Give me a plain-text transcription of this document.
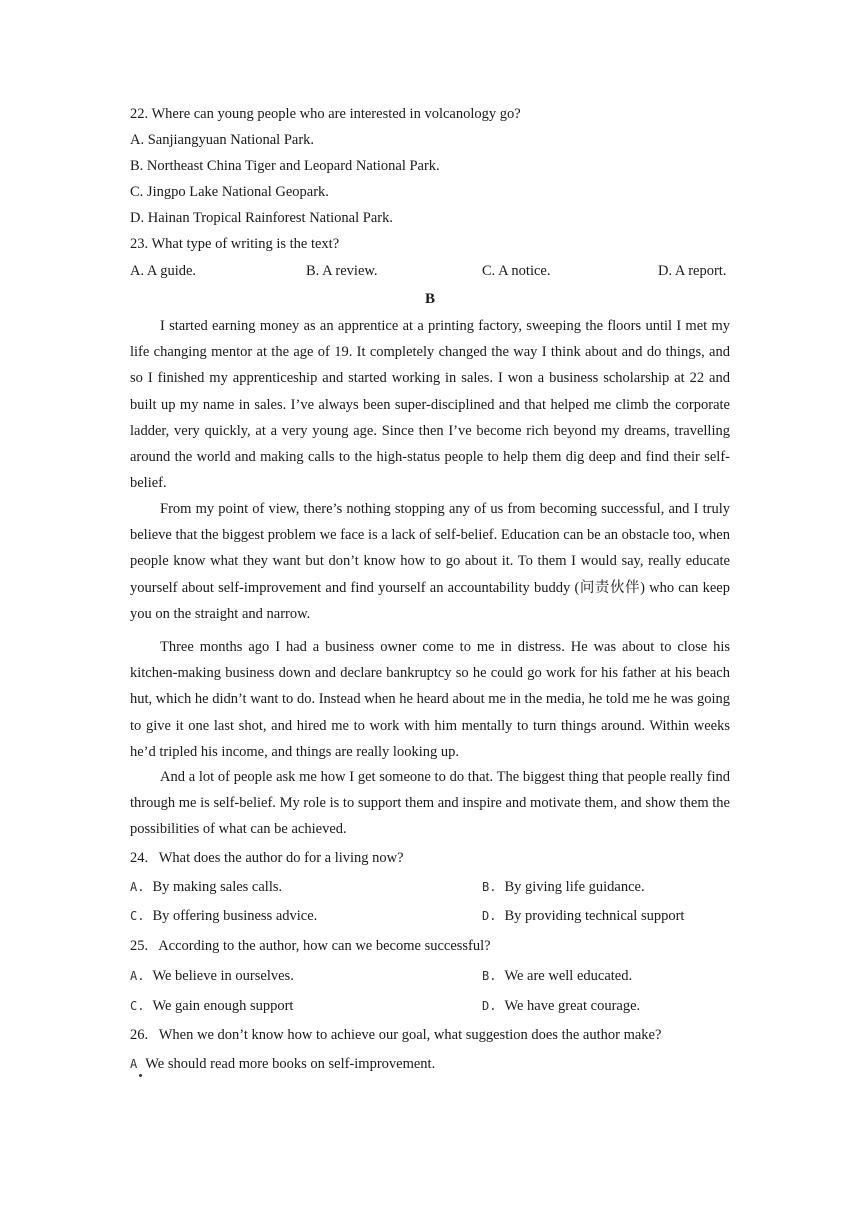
22. Where can young people who are interested in volcanology go?
A. Sanjiangyuan National Park.
B. Northeast China Tiger and Leopard National Park.
C. Jingpo Lake National Geopark.
D. Hainan Tropical Rainforest National Park.
23. What type of writing is the text?
A. A guide.	B. A review.	C. A notice.	D. A report.
B
I started earning money as an apprentice at a printing factory, sweeping the floors until I met my life changing mentor at the age of 19. It completely changed the way I think about and do things, and so I finished my apprenticeship and started working in sales. I won a business scholarship at 22 and built up my name in sales. I’ve always been super-disciplined and that helped me climb the corporate ladder, very quickly, at a very young age. Since then I’ve become rich beyond my dreams, travelling around the world and making calls to the high-status people to help them dig deep and find their self-belief.
From my point of view, there’s nothing stopping any of us from becoming successful, and I truly believe that the biggest problem we face is a lack of self-belief. Education can be an obstacle too, when people know what they want but don’t know how to go about it. To them I would say, really educate yourself about self-improvement and find yourself an accountability buddy (问责伙伴) who can keep you on the straight and narrow.
Three months ago I had a business owner come to me in distress. He was about to close his kitchen-making business down and declare bankruptcy so he could go work for his father at his beach hut, which he didn’t want to do. Instead when he heard about me in the media, he told me he was going to give it one last shot, and hired me to work with him mentally to turn things around. Within weeks he’d tripled his income, and things are really looking up.
And a lot of people ask me how I get someone to do that. The biggest thing that people really find through me is self-belief. My role is to support them and inspire and motivate them, and show them the possibilities of what can be achieved.
24. What does the author do for a living now?
A. By making sales calls.	B. By giving life guidance.
C. By offering business advice.	D. By providing technical support
25. According to the author, how can we become successful?
A. We believe in ourselves.	B. We are well educated.
C. We gain enough support	D. We have great courage.
26. When we don’t know how to achieve our goal, what suggestion does the author make?
A We should read more books on self-improvement.
